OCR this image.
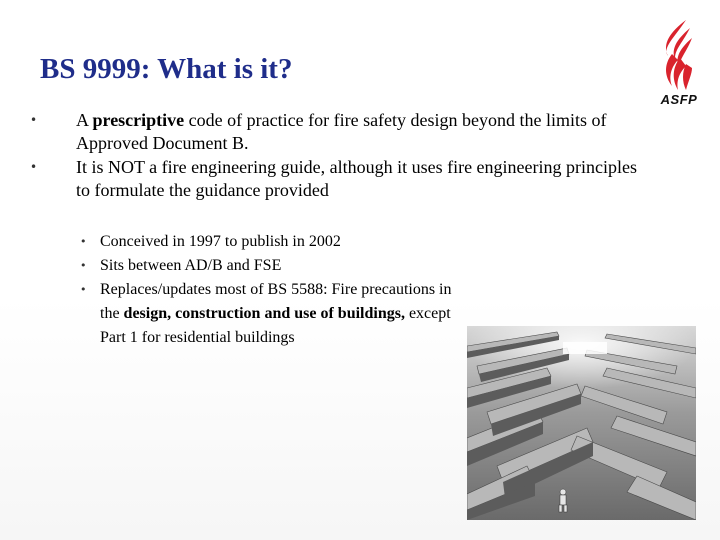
BS 9999: What is it?
ASFP
• A prescriptive code of practice for fire safety design beyond the limits of Approved Document B.
• It is NOT a fire engineering guide, although it uses fire engineering principles to formulate the guidance provided
• Conceived in 1997 to publish in 2002
• Sits between AD/B and FSE
• Replaces/updates most of BS 5588: Fire precautions in the design, construction and use of buildings, except Part 1 for residential buildings
